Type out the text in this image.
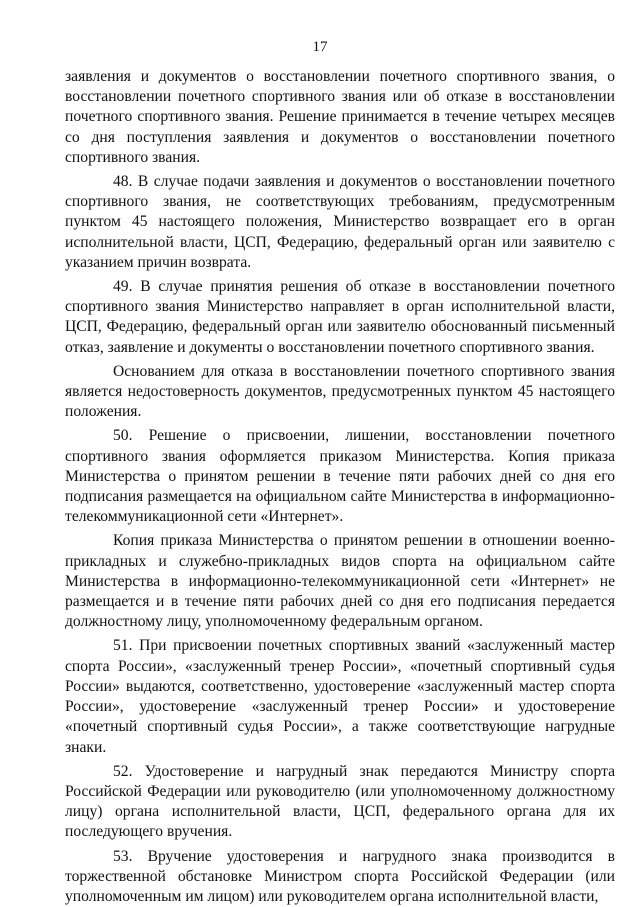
17

заявления и документов о восстановлении почетного спортивного звания, о восстановлении почетного спортивного звания или об отказе в восстановлении почетного спортивного звания. Решение принимается в течение четырех месяцев со дня поступления заявления и документов о восстановлении почетного спортивного звания.

48. В случае подачи заявления и документов о восстановлении почетного спортивного звания, не соответствующих требованиям, предусмотренным пунктом 45 настоящего положения, Министерство возвращает его в орган исполнительной власти, ЦСП, Федерацию, федеральный орган или заявителю с указанием причин возврата.

49. В случае принятия решения об отказе в восстановлении почетного спортивного звания Министерство направляет в орган исполнительной власти, ЦСП, Федерацию, федеральный орган или заявителю обоснованный письменный отказ, заявление и документы о восстановлении почетного спортивного звания.

Основанием для отказа в восстановлении почетного спортивного звания является недостоверность документов, предусмотренных пунктом 45 настоящего положения.

50. Решение о присвоении, лишении, восстановлении почетного спортивного звания оформляется приказом Министерства. Копия приказа Министерства о принятом решении в течение пяти рабочих дней со дня его подписания размещается на официальном сайте Министерства в информационно-телекоммуникационной сети «Интернет».

Копия приказа Министерства о принятом решении в отношении военно-прикладных и служебно-прикладных видов спорта на официальном сайте Министерства в информационно-телекоммуникационной сети «Интернет» не размещается и в течение пяти рабочих дней со дня его подписания передается должностному лицу, уполномоченному федеральным органом.

51. При присвоении почетных спортивных званий «заслуженный мастер спорта России», «заслуженный тренер России», «почетный спортивный судья России» выдаются, соответственно, удостоверение «заслуженный мастер спорта России», удостоверение «заслуженный тренер России» и удостоверение «почетный спортивный судья России», а также соответствующие нагрудные знаки.

52. Удостоверение и нагрудный знак передаются Министру спорта Российской Федерации или руководителю (или уполномоченному должностному лицу) органа исполнительной власти, ЦСП, федерального органа для их последующего вручения.

53. Вручение удостоверения и нагрудного знака производится в торжественной обстановке Министром спорта Российской Федерации (или уполномоченным им лицом) или руководителем органа исполнительной власти,
